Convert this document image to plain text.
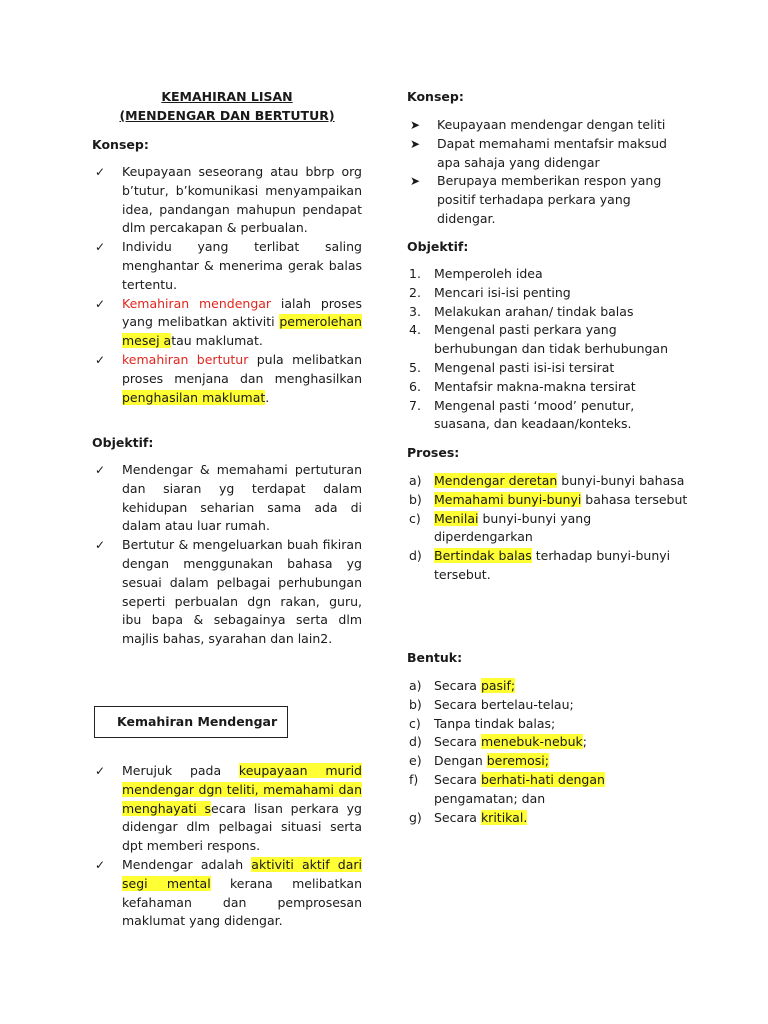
KEMAHIRAN LISAN
(MENDENGAR DAN BERTUTUR)
Konsep:
✓ Keupayaan seseorang atau bbrp org b’tutur, b’komunikasi menyampaikan idea, pandangan mahupun pendapat dlm percakapan & perbualan.
✓ Individu yang terlibat saling menghantar & menerima gerak balas tertentu.
✓ Kemahiran mendengar ialah proses yang melibatkan aktiviti pemerolehan mesej atau maklumat.
✓ kemahiran bertutur pula melibatkan proses menjana dan menghasilkan penghasilan maklumat.
Objektif:
✓ Mendengar & memahami pertuturan dan siaran yg terdapat dalam kehidupan seharian sama ada di dalam atau luar rumah.
✓ Bertutur & mengeluarkan buah fikiran dengan menggunakan bahasa yg sesuai dalam pelbagai perhubungan seperti perbualan dgn rakan, guru, ibu bapa & sebagainya serta dlm majlis bahas, syarahan dan lain2.
Kemahiran Mendengar
✓ Merujuk pada keupayaan murid mendengar dgn teliti, memahami dan menghayati secara lisan perkara yg didengar dlm pelbagai situasi serta dpt memberi respons.
✓ Mendengar adalah aktiviti aktif dari segi mental kerana melibatkan kefahaman dan pemprosesan maklumat yang didengar.
Konsep:
➤ Keupayaan mendengar dengan teliti
➤ Dapat memahami mentafsir maksud apa sahaja yang didengar
➤ Berupaya memberikan respon yang positif terhadapa perkara yang didengar.
Objektif:
1. Memperoleh idea
2. Mencari isi-isi penting
3. Melakukan arahan/ tindak balas
4. Mengenal pasti perkara yang berhubungan dan tidak berhubungan
5. Mengenal pasti isi-isi tersirat
6. Mentafsir makna-makna tersirat
7. Mengenal pasti ‘mood’ penutur, suasana, dan keadaan/konteks.
Proses:
a) Mendengar deretan bunyi-bunyi bahasa
b) Memahami bunyi-bunyi bahasa tersebut
c) Menilai bunyi-bunyi yang diperdengarkan
d) Bertindak balas terhadap bunyi-bunyi tersebut.
Bentuk:
a) Secara pasif;
b) Secara bertelau-telau;
c) Tanpa tindak balas;
d) Secara menebuk-nebuk;
e) Dengan beremosi;
f) Secara berhati-hati dengan pengamatan; dan
g) Secara kritikal.
